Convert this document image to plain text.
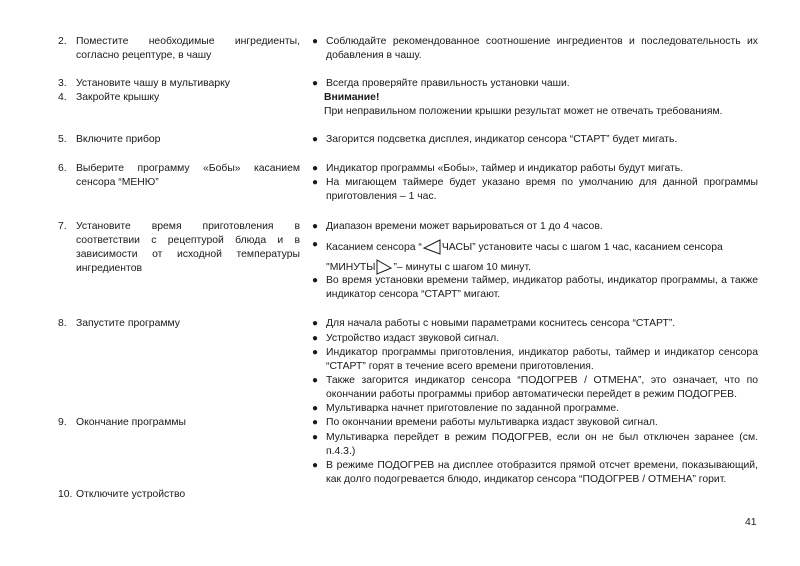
2. Поместите необходимые ингредиенты, согласно рецептуре, в чашу
3. Установите чашу в мультиварку
4. Закройте крышку
5. Включите прибор
6. Выберите программу «Бобы» касанием сенсора “МЕНЮ”
7. Установите время приготовления в соответствии с рецептурой блюда и в зависимости от исходной температуры ингредиентов
8. Запустите программу
9. Окончание программы
10. Отключите устройство
● Соблюдайте рекомендованное соотношение ингредиентов и последовательность их добавления в чашу.
● Всегда проверяйте правильность установки чаши.
Внимание!
При неправильном положении крышки результат может не отвечать требованиям.
● Загорится подсветка дисплея, индикатор сенсора “СТАРТ” будет мигать.
● Индикатор программы «Бобы», таймер и индикатор работы будут мигать.
● На мигающем таймере будет указано время по умолчанию для данной программы приготовления – 1 час.
● Диапазон времени может варьироваться от 1 до 4 часов.
● Касанием сенсора “ ЧАСЫ” установите часы с шагом 1 час, касанием сенсора
"МИНУТЫ ”– минуты с шагом 10 минут.
● Во время установки времени таймер, индикатор работы, индикатор программы, а также индикатор сенсора “СТАРТ” мигают.
● Для начала работы с новыми параметрами коснитесь сенсора “СТАРТ”.
● Устройство издаст звуковой сигнал.
● Индикатор программы приготовления, индикатор работы, таймер и индикатор сенсора “СТАРТ” горят в течение всего времени приготовления.
● Также загорится индикатор сенсора “ПОДОГРЕВ / ОТМЕНА”, это означает, что по окончании работы программы прибор автоматически перейдет в режим ПОДОГРЕВ.
● Мультиварка начнет приготовление по заданной программе.
● По окончании времени работы мультиварка издаст звуковой сигнал.
● Мультиварка перейдет в режим ПОДОГРЕВ, если он не был отключен заранее (см. п.4.3.)
● В режиме ПОДОГРЕВ на дисплее отобразится прямой отсчет времени, показывающий, как долго подогревается блюдо, индикатор сенсора “ПОДОГРЕВ / ОТМЕНА” горит.
41
